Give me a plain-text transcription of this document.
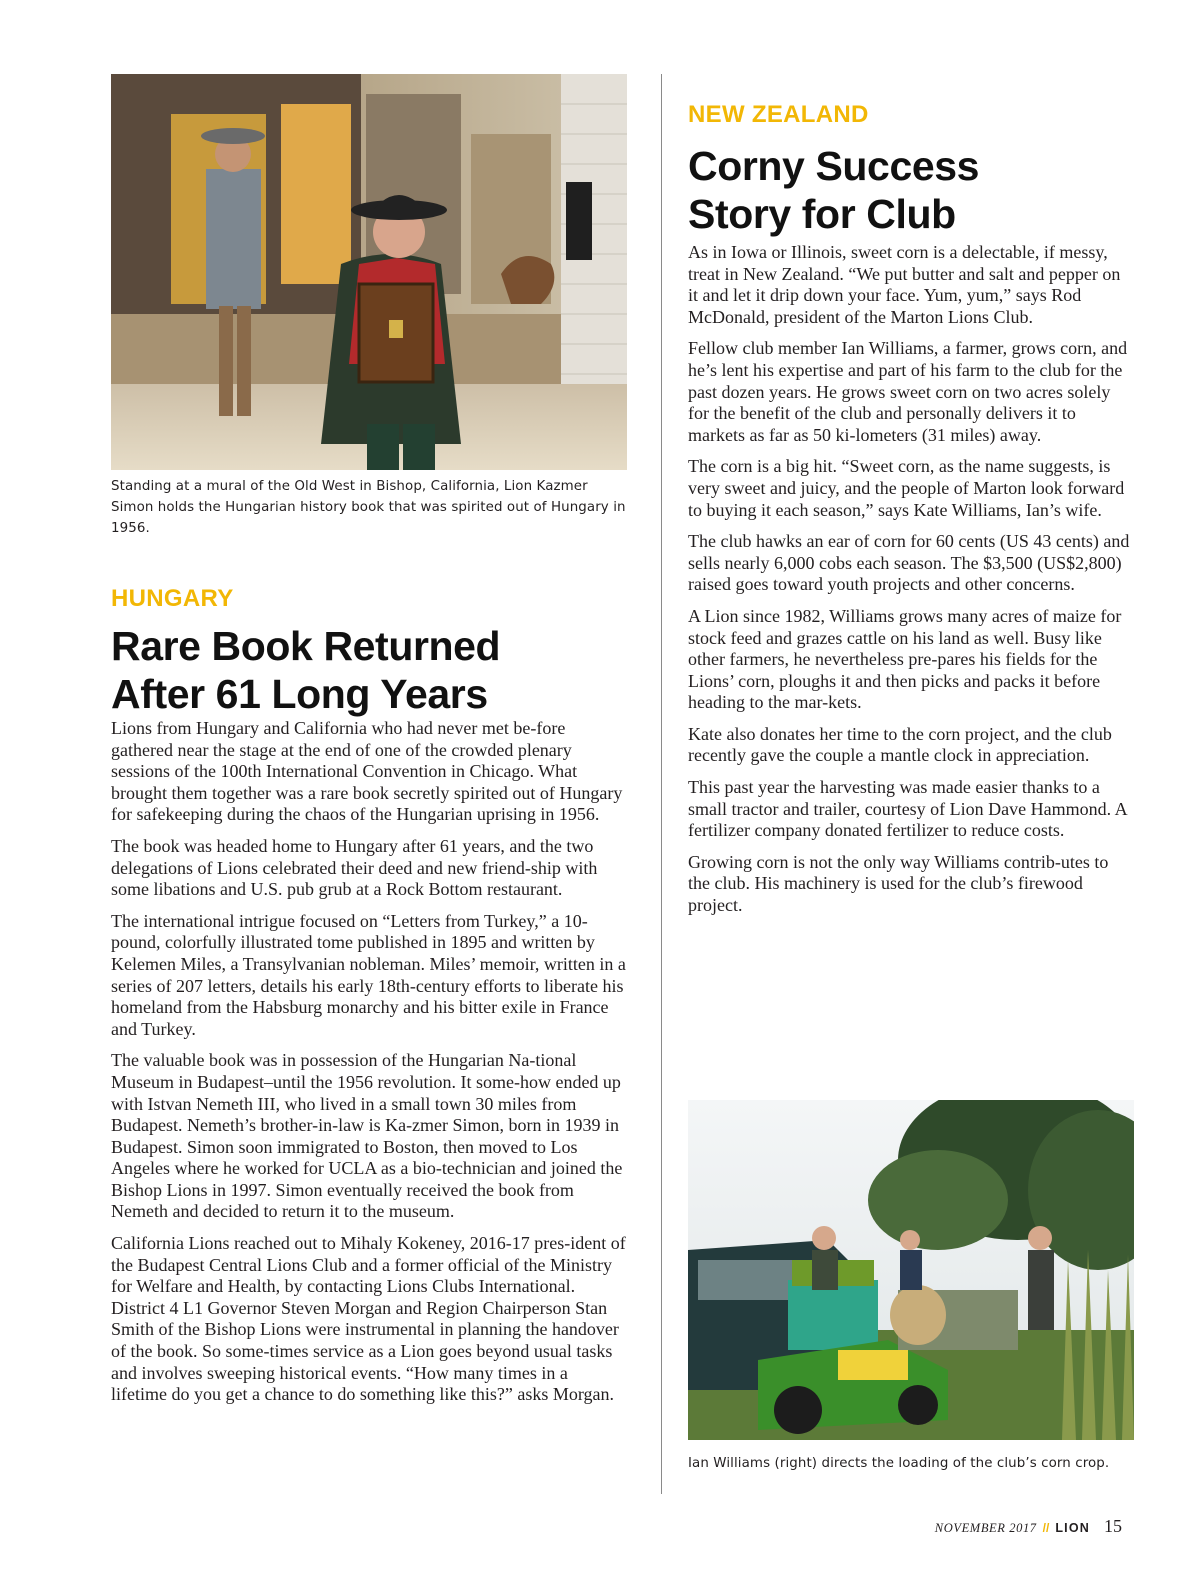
Standing at a mural of the Old West in Bishop, California, Lion Kazmer Simon holds the Hungarian history book that was spirited out of Hungary in 1956.
HUNGARY
Rare Book Returned
After 61 Long Years

Lions from Hungary and California who had never met be-fore gathered near the stage at the end of one of the crowded plenary sessions of the 100th International Convention in Chicago. What brought them together was a rare book secretly spirited out of Hungary for safekeeping during the chaos of the Hungarian uprising in 1956.

The book was headed home to Hungary after 61 years, and the two delegations of Lions celebrated their deed and new friend-ship with some libations and U.S. pub grub at a Rock Bottom restaurant.

The international intrigue focused on “Letters from Turkey,” a 10-pound, colorfully illustrated tome published in 1895 and written by Kelemen Miles, a Transylvanian nobleman. Miles’ memoir, written in a series of 207 letters, details his early 18th-century efforts to liberate his homeland from the Habsburg monarchy and his bitter exile in France and Turkey.

The valuable book was in possession of the Hungarian Na-tional Museum in Budapest–until the 1956 revolution. It some-how ended up with Istvan Nemeth III, who lived in a small town 30 miles from Budapest. Nemeth’s brother-in-law is Ka-zmer Simon, born in 1939 in Budapest. Simon soon immigrated to Boston, then moved to Los Angeles where he worked for UCLA as a bio-technician and joined the Bishop Lions in 1997. Simon eventually received the book from Nemeth and decided to return it to the museum.

California Lions reached out to Mihaly Kokeney, 2016-17 pres-ident of the Budapest Central Lions Club and a former official of the Ministry for Welfare and Health, by contacting Lions Clubs International. District 4 L1 Governor Steven Morgan and Region Chairperson Stan Smith of the Bishop Lions were instrumental in planning the handover of the book. So some-times service as a Lion goes beyond usual tasks and involves sweeping historical events. “How many times in a lifetime do you get a chance to do something like this?” asks Morgan.

NEW ZEALAND
Corny Success
Story for Club

As in Iowa or Illinois, sweet corn is a delectable, if messy, treat in New Zealand. “We put butter and salt and pepper on it and let it drip down your face. Yum, yum,” says Rod McDonald, president of the Marton Lions Club.

Fellow club member Ian Williams, a farmer, grows corn, and he’s lent his expertise and part of his farm to the club for the past dozen years. He grows sweet corn on two acres solely for the benefit of the club and personally delivers it to markets as far as 50 ki-lometers (31 miles) away.

The corn is a big hit. “Sweet corn, as the name suggests, is very sweet and juicy, and the people of Marton look forward to buying it each season,” says Kate Williams, Ian’s wife.

The club hawks an ear of corn for 60 cents (US 43 cents) and sells nearly 6,000 cobs each season. The $3,500 (US$2,800) raised goes toward youth projects and other concerns.

A Lion since 1982, Williams grows many acres of maize for stock feed and grazes cattle on his land as well. Busy like other farmers, he nevertheless pre-pares his fields for the Lions’ corn, ploughs it and then picks and packs it before heading to the mar-kets.

Kate also donates her time to the corn project, and the club recently gave the couple a mantle clock in appreciation.

This past year the harvesting was made easier thanks to a small tractor and trailer, courtesy of Lion Dave Hammond. A fertilizer company donated fertilizer to reduce costs.

Growing corn is not the only way Williams contrib-utes to the club. His machinery is used for the club’s firewood project.

Ian Williams (right) directs the loading of the club’s corn crop.
NOVEMBER 2017 // LION 15
